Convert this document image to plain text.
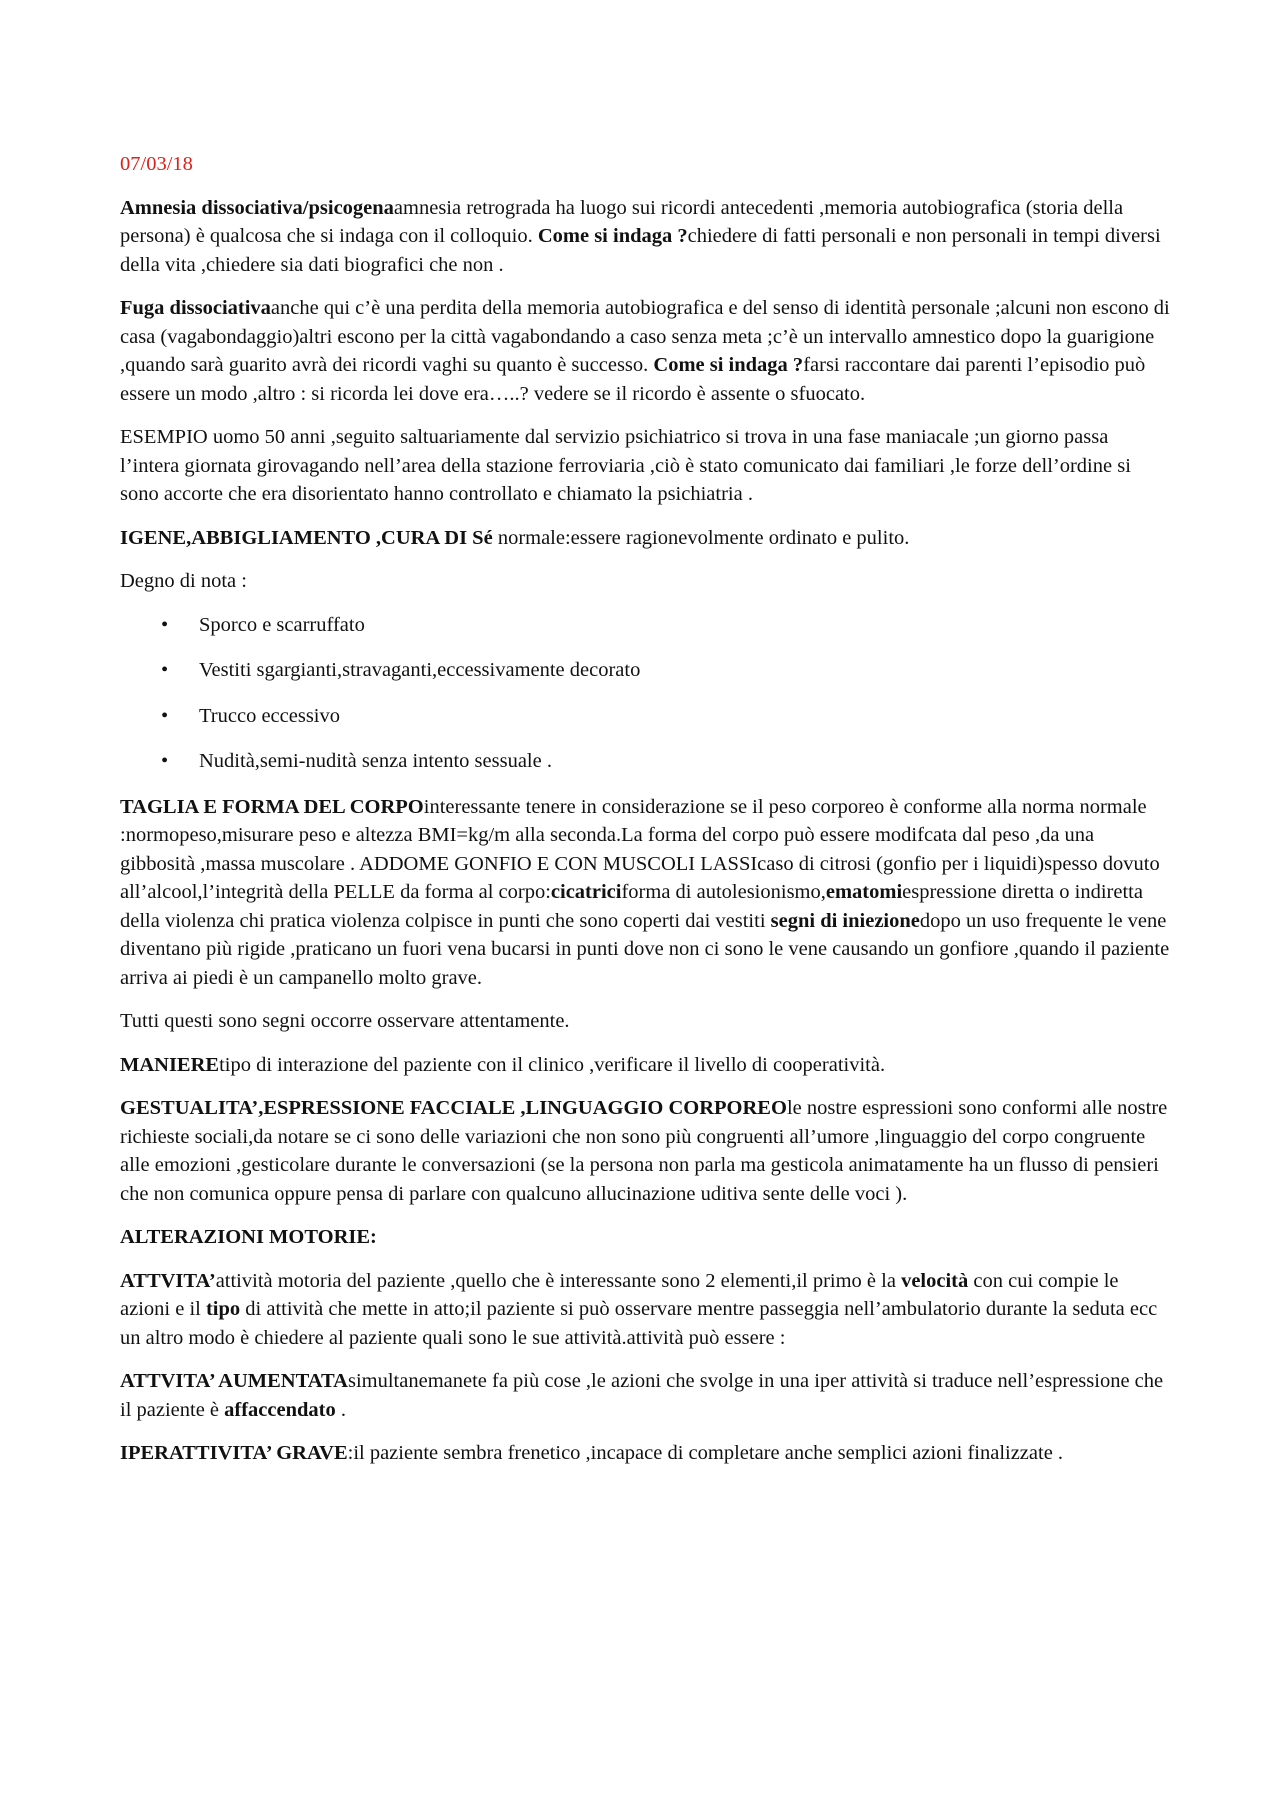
07/03/18

Amnesia dissociativa/psicogenaamnesia retrograda ha luogo sui ricordi antecedenti ,memoria autobiografica (storia della persona) è qualcosa che si indaga con il colloquio. Come si indaga ?chiedere di fatti personali e non personali in tempi diversi della vita ,chiedere sia dati biografici che non .

Fuga dissociativaanche qui c’è una perdita della memoria autobiografica e del senso di identità personale ;alcuni non escono di casa (vagabondaggio)altri escono per la città vagabondando a caso senza meta ;c’è un intervallo amnestico dopo la guarigione ,quando sarà guarito avrà dei ricordi vaghi su quanto è successo. Come si indaga ?farsi raccontare dai parenti l’episodio può essere un modo ,altro : si ricorda lei dove era…..? vedere se il ricordo è assente o sfuocato.

ESEMPIO uomo 50 anni ,seguito saltuariamente dal servizio psichiatrico si trova in una fase maniacale ;un giorno passa l’intera giornata girovagando nell’area della stazione ferroviaria ,ciò è stato comunicato dai familiari ,le forze dell’ordine si sono accorte che era disorientato hanno controllato e chiamato la psichiatria .

IGENE,ABBIGLIAMENTO ,CURA DI Sé normale:essere ragionevolmente ordinato e pulito.

Degno di nota :

• Sporco e scarruffato
• Vestiti sgargianti,stravaganti,eccessivamente decorato
• Trucco eccessivo
• Nudità,semi-nudità senza intento sessuale .

TAGLIA E FORMA DEL CORPOinteressante tenere in considerazione se il peso corporeo è conforme alla norma normale :normopeso,misurare peso e altezza BMI=kg/m alla seconda.La forma del corpo può essere modifcata dal peso ,da una gibbosità ,massa muscolare . ADDOME GONFIO E CON MUSCOLI LASSIcaso di citrosi (gonfio per i liquidi)spesso dovuto all’alcool,l’integrità della PELLE da forma al corpo:cicatriciforma di autolesionismo,ematomiespressione diretta o indiretta della violenza chi pratica violenza colpisce in punti che sono coperti dai vestiti segni di iniezionedopo un uso frequente le vene diventano più rigide ,praticano un fuori vena bucarsi in punti dove non ci sono le vene causando un gonfiore ,quando il paziente arriva ai piedi è un campanello molto grave.

Tutti questi sono segni occorre osservare attentamente.

MANIEREtipo di interazione del paziente con il clinico ,verificare il livello di cooperatività.

GESTUALITA’,ESPRESSIONE FACCIALE ,LINGUAGGIO CORPOREOle nostre espressioni sono conformi alle nostre richieste sociali,da notare se ci sono delle variazioni che non sono più congruenti all’umore ,linguaggio del corpo congruente alle emozioni ,gesticolare durante le conversazioni (se la persona non parla ma gesticola animatamente ha un flusso di pensieri che non comunica oppure pensa di parlare con qualcuno allucinazione uditiva sente delle voci ).

ALTERAZIONI MOTORIE:

ATTVITA’attività motoria del paziente ,quello che è interessante sono 2 elementi,il primo è la velocità con cui compie le azioni e il tipo di attività che mette in atto;il paziente si può osservare mentre passeggia nell’ambulatorio durante la seduta ecc un altro modo è chiedere al paziente quali sono le sue attività.attività può essere :

ATTVITA’ AUMENTATAsimultanemanete fa più cose ,le azioni che svolge in una iper attività si traduce nell’espressione che il paziente è affaccendato .

IPERATTIVITA’ GRAVE:il paziente sembra frenetico ,incapace di completare anche semplici azioni finalizzate .
